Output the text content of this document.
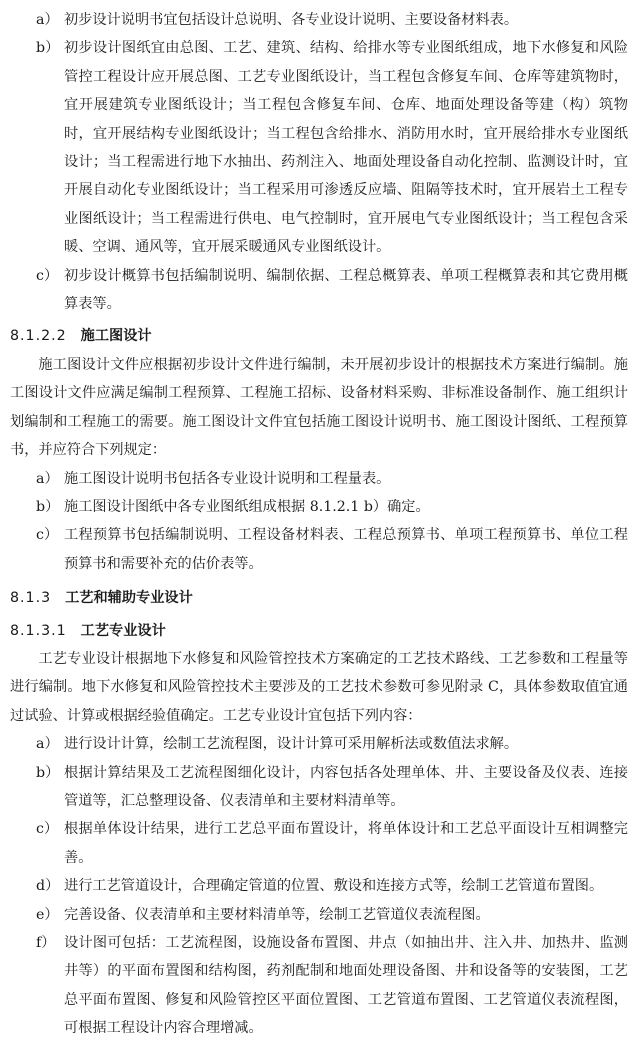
a） 初步设计说明书宜包括设计总说明、各专业设计说明、主要设备材料表。
b） 初步设计图纸宜由总图、工艺、建筑、结构、给排水等专业图纸组成，地下水修复和风险管控工程设计应开展总图、工艺专业图纸设计，当工程包含修复车间、仓库等建筑物时，宜开展建筑专业图纸设计；当工程包含修复车间、仓库、地面处理设备等建（构）筑物时，宜开展结构专业图纸设计；当工程包含给排水、消防用水时，宜开展给排水专业图纸设计；当工程需进行地下水抽出、药剂注入、地面处理设备自动化控制、监测设计时，宜开展自动化专业图纸设计；当工程采用可渗透反应墙、阻隔等技术时，宜开展岩土工程专业图纸设计；当工程需进行供电、电气控制时，宜开展电气专业图纸设计；当工程包含采暖、空调、通风等，宜开展采暖通风专业图纸设计。
c） 初步设计概算书包括编制说明、编制依据、工程总概算表、单项工程概算表和其它费用概算表等。
8.1.2.2 施工图设计
施工图设计文件应根据初步设计文件进行编制，未开展初步设计的根据技术方案进行编制。施工图设计文件应满足编制工程预算、工程施工招标、设备材料采购、非标准设备制作、施工组织计划编制和工程施工的需要。施工图设计文件宜包括施工图设计说明书、施工图设计图纸、工程预算书，并应符合下列规定：
a） 施工图设计说明书包括各专业设计说明和工程量表。
b） 施工图设计图纸中各专业图纸组成根据 8.1.2.1 b）确定。
c） 工程预算书包括编制说明、工程设备材料表、工程总预算书、单项工程预算书、单位工程预算书和需要补充的估价表等。
8.1.3 工艺和辅助专业设计
8.1.3.1 工艺专业设计
工艺专业设计根据地下水修复和风险管控技术方案确定的工艺技术路线、工艺参数和工程量等进行编制。地下水修复和风险管控技术主要涉及的工艺技术参数可参见附录 C，具体参数取值宜通过试验、计算或根据经验值确定。工艺专业设计宜包括下列内容：
a） 进行设计计算，绘制工艺流程图，设计计算可采用解析法或数值法求解。
b） 根据计算结果及工艺流程图细化设计，内容包括各处理单体、井、主要设备及仪表、连接管道等，汇总整理设备、仪表清单和主要材料清单等。
c） 根据单体设计结果，进行工艺总平面布置设计，将单体设计和工艺总平面设计互相调整完善。
d） 进行工艺管道设计，合理确定管道的位置、敷设和连接方式等，绘制工艺管道布置图。
e） 完善设备、仪表清单和主要材料清单等，绘制工艺管道仪表流程图。
f） 设计图可包括：工艺流程图，设施设备布置图、井点（如抽出井、注入井、加热井、监测井等）的平面布置图和结构图，药剂配制和地面处理设备图、井和设备等的安装图，工艺总平面布置图、修复和风险管控区平面位置图、工艺管道布置图、工艺管道仪表流程图，可根据工程设计内容合理增减。
